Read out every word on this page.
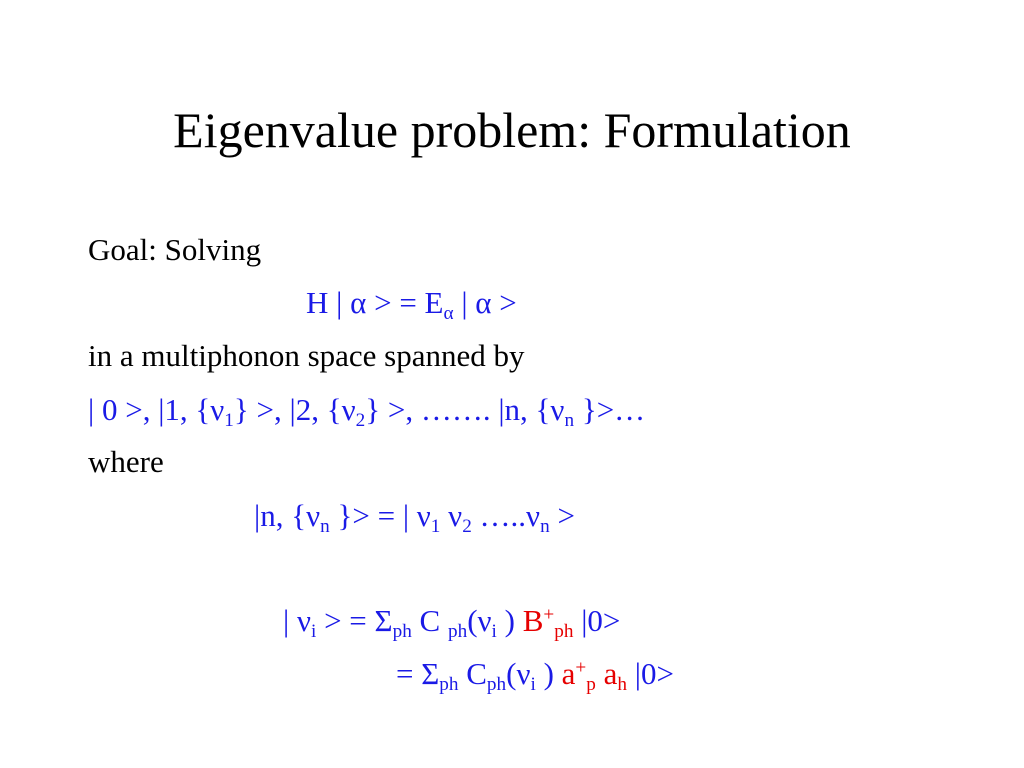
Eigenvalue problem: Formulation
Goal: Solving
H | α > = $E_\alpha$ | α >
in a multiphonon space spanned by
| 0 >, |1, $\{\nu_1\}$ >, |2, $\{\nu_2\}$ >, ……. |n, {$\nu_n$ }>…
where
|n, {$\nu_n$ }> = | $\nu_1$ $\nu_2$ $\dots..\nu_n$ >
| $\nu_i$ > = $\Sigma_{ph}$ C $_{ph}(\nu_i$ ) $B^+_{ph}$ |0>
= $\Sigma_{ph}$ $C_{ph}(\nu_i$ ) $a^+_p$ $a_h$ |0>
